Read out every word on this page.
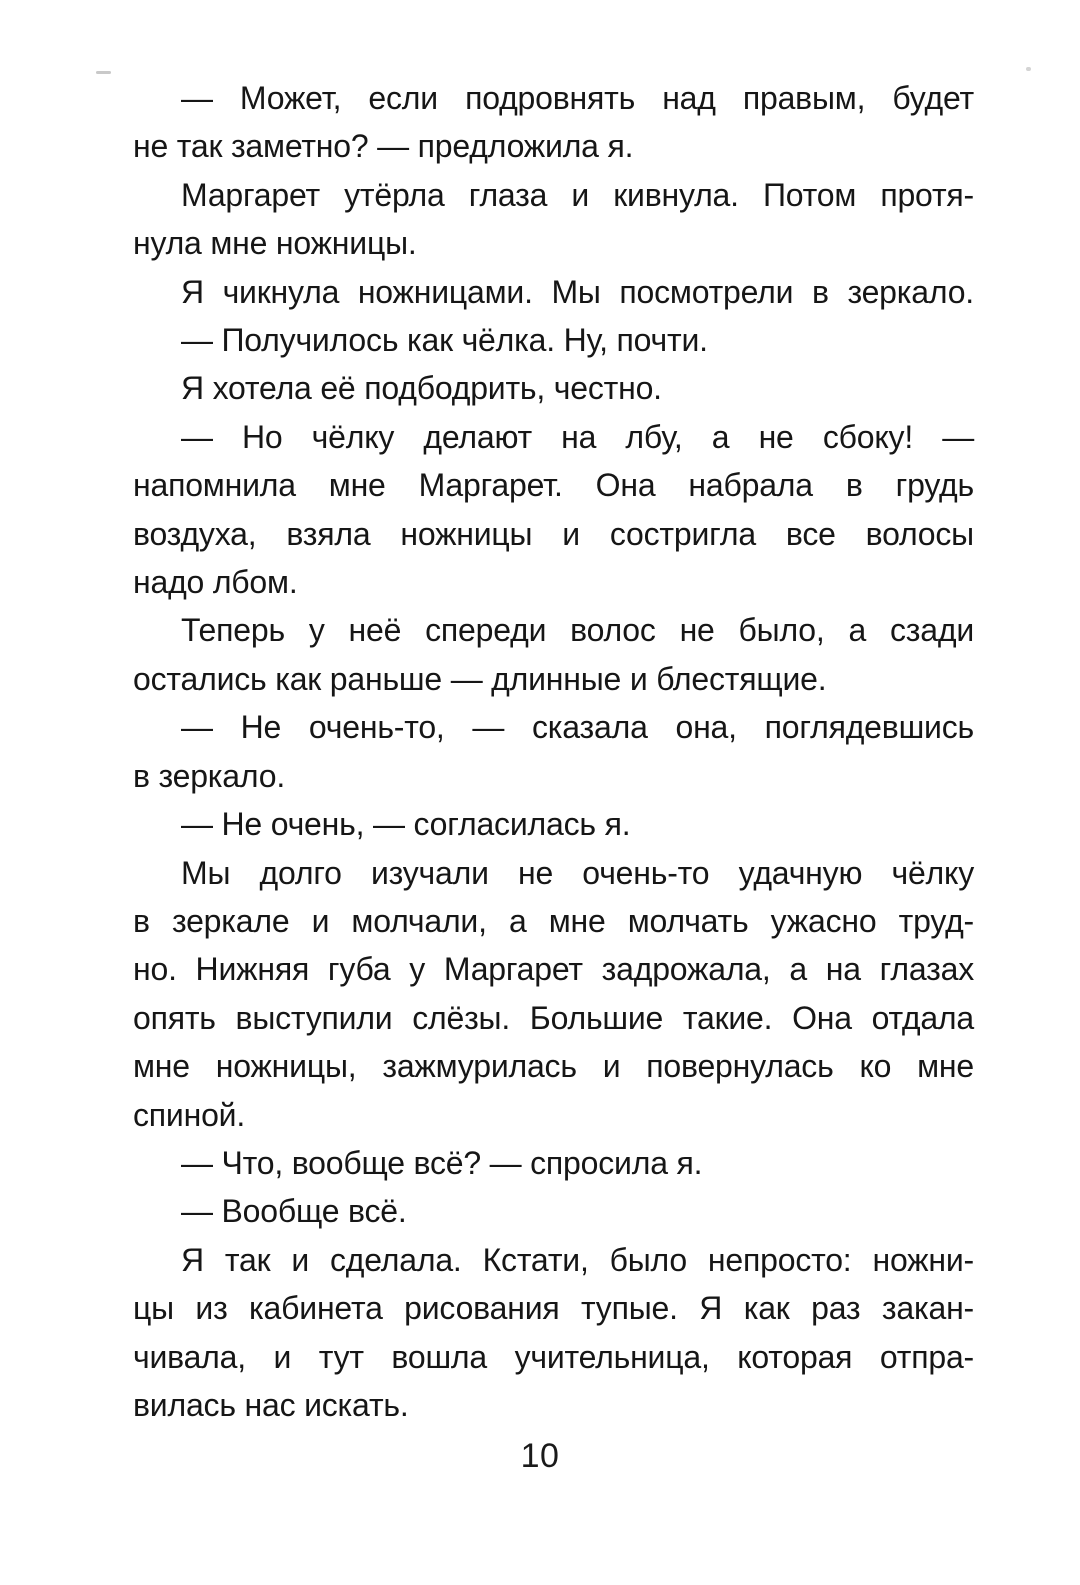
— Может, если подровнять над правым, будет
не так заметно? — предложила я.
Маргарет утёрла глаза и кивнула. Потом протя-
нула мне ножницы.
Я чикнула ножницами. Мы посмотрели в зеркало.
— Получилось как чёлка. Ну, почти.
Я хотела её подбодрить, честно.
— Но чёлку делают на лбу, а не сбоку! —
напомнила мне Маргарет. Она набрала в грудь
воздуха, взяла ножницы и состригла все волосы
надо лбом.
Теперь у неё спереди волос не было, а сзади
остались как раньше — длинные и блестящие.
— Не очень-то, — сказала она, поглядевшись
в зеркало.
— Не очень, — согласилась я.
Мы долго изучали не очень-то удачную чёлку
в зеркале и молчали, а мне молчать ужасно труд-
но. Нижняя губа у Маргарет задрожала, а на глазах
опять выступили слёзы. Большие такие. Она отдала
мне ножницы, зажмурилась и повернулась ко мне
спиной.
— Что, вообще всё? — спросила я.
— Вообще всё.
Я так и сделала. Кстати, было непросто: ножни-
цы из кабинета рисования тупые. Я как раз закан-
чивала, и тут вошла учительница, которая отпра-
вилась нас искать.
10
